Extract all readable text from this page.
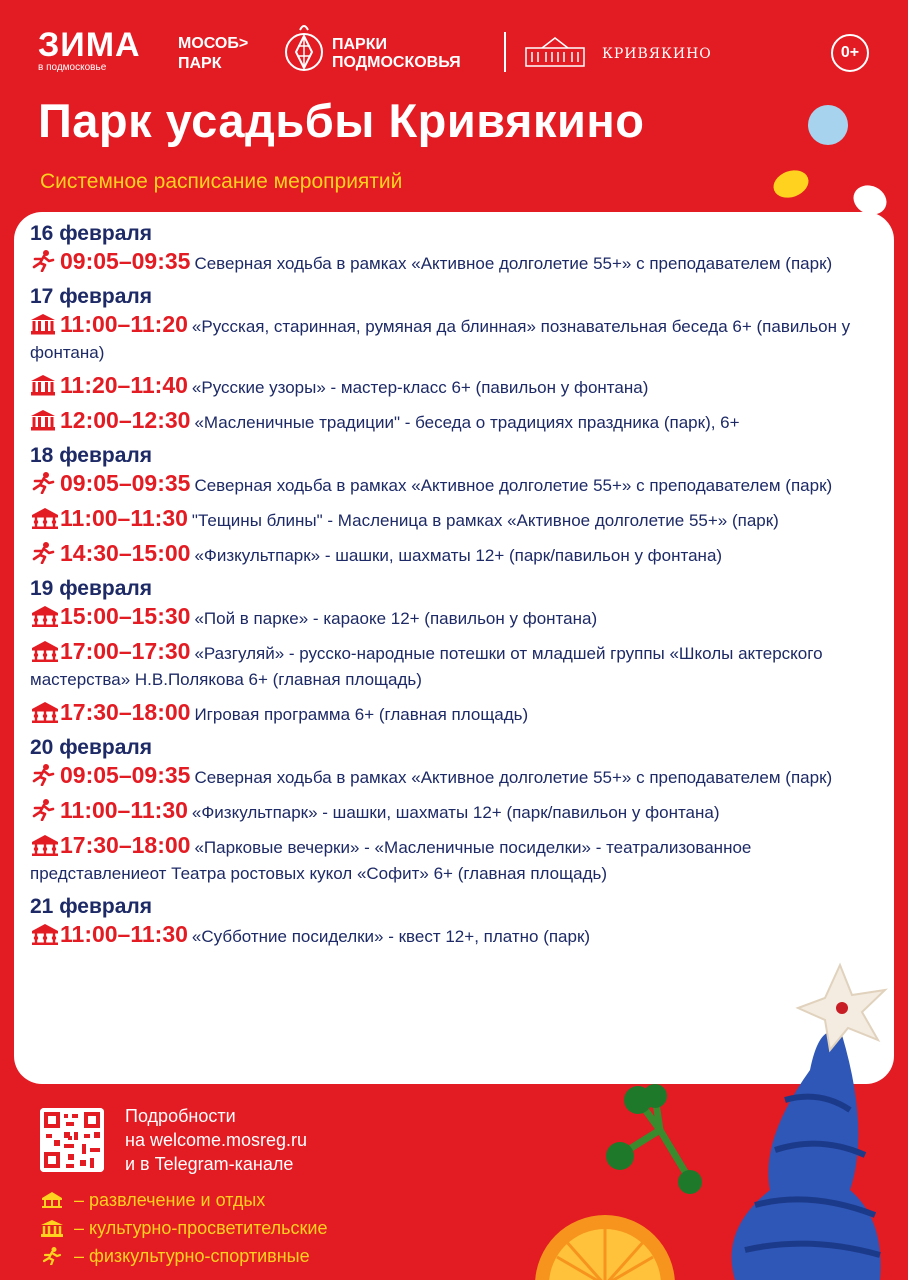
ЗИМА
в подмосковье
МОСОБ>
ПАРК
ПАРКИ
ПОДМОСКОВЬЯ	КРИВЯКИНО	0+
Парк усадьбы Кривякино
Системное расписание мероприятий
16 февраля
09:05–09:35 Северная ходьба в рамках «Активное долголетие 55+» с преподавателем (парк)
17 февраля
11:00–11:20 «Русская, старинная, румяная да блинная» познавательная беседа 6+ (павильон у фонтана)
11:20–11:40 «Русские узоры» - мастер-класс 6+ (павильон у фонтана)
12:00–12:30 «Масленичные традиции" - беседа о традициях праздника (парк), 6+
18 февраля
09:05–09:35 Северная ходьба в рамках «Активное долголетие 55+» с преподавателем (парк)
11:00–11:30 "Тещины блины" - Масленица в рамках «Активное долголетие 55+» (парк)
14:30–15:00 «Физкультпарк» - шашки, шахматы 12+ (парк/павильон у фонтана)
19 февраля
15:00–15:30 «Пой в парке» - караоке 12+ (павильон у фонтана)
17:00–17:30 «Разгуляй» - русско-народные потешки от младшей группы «Школы актерского мастерства» Н.В.Полякова 6+ (главная площадь)
17:30–18:00 Игровая программа 6+ (главная площадь)
20 февраля
09:05–09:35 Северная ходьба в рамках «Активное долголетие 55+» с преподавателем (парк)
11:00–11:30 «Физкультпарк» - шашки, шахматы 12+ (парк/павильон у фонтана)
17:30–18:00 «Парковые вечерки» - «Масленичные посиделки» - театрализованное представлениеот Театра ростовых кукол «Софит» 6+ (главная площадь)
21 февраля
11:00–11:30 «Субботние посиделки» - квест 12+, платно (парк)
Подробности
на welcome.mosreg.ru
и в Telegram-канале
– развлечение и отдых
– культурно-просветительские
– физкультурно-спортивные
